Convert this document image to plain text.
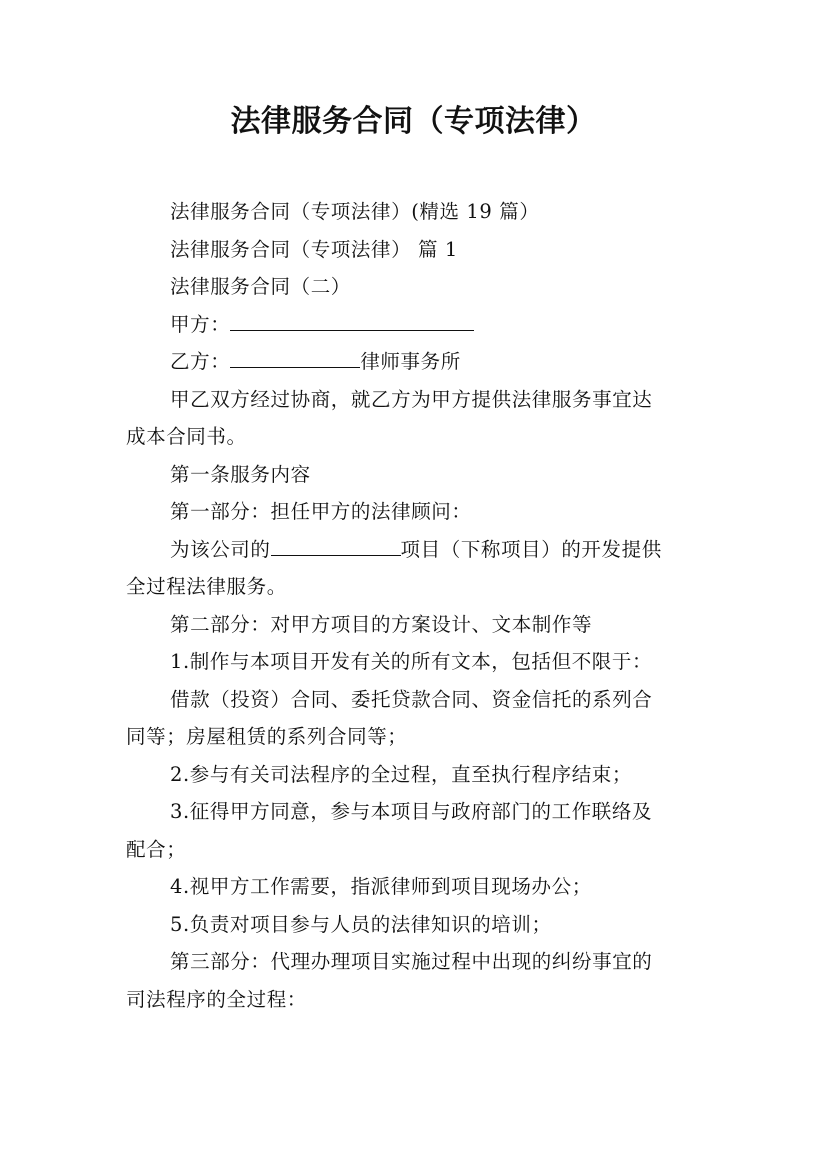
法律服务合同（专项法律）
法律服务合同（专项法律）(精选 19 篇）
法律服务合同（专项法律） 篇 1
法律服务合同（二）
甲方：
乙方：	律师事务所
甲乙双方经过协商，就乙方为甲方提供法律服务事宜达
成本合同书。
第一条服务内容
第一部分：担任甲方的法律顾问：
为该公司的	项目（下称项目）的开发提供
全过程法律服务。
第二部分：对甲方项目的方案设计、文本制作等
1.制作与本项目开发有关的所有文本，包括但不限于：
借款（投资）合同、委托贷款合同、资金信托的系列合
同等；房屋租赁的系列合同等；
2.参与有关司法程序的全过程，直至执行程序结束；
3.征得甲方同意，参与本项目与政府部门的工作联络及
配合；
4.视甲方工作需要，指派律师到项目现场办公；
5.负责对项目参与人员的法律知识的培训；
第三部分：代理办理项目实施过程中出现的纠纷事宜的
司法程序的全过程：
